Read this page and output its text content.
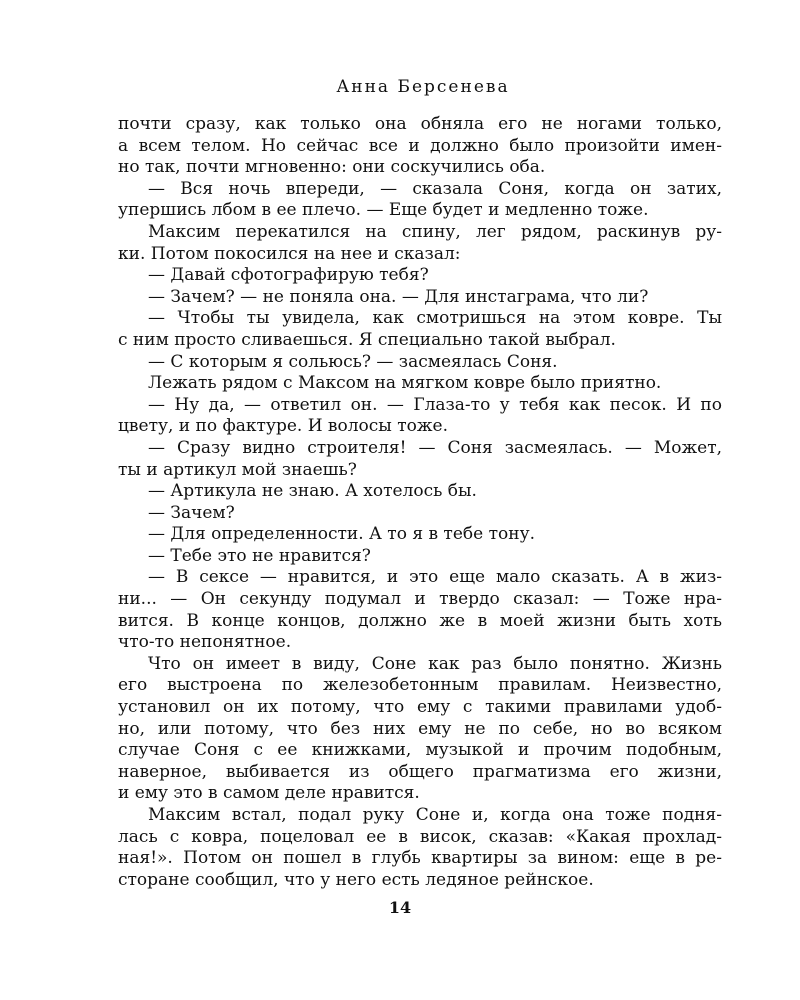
Анна Берсенева

почти сразу, как только она обняла его не ногами только,

а всем телом. Но сейчас все и должно было произойти имен-

но так, почти мгновенно: они соскучились оба.

— Вся ночь впереди, — сказала Соня, когда он затих,

упершись лбом в ее плечо. — Еще будет и медленно тоже.

Максим перекатился на спину, лег рядом, раскинув ру-

ки. Потом покосился на нее и сказал:

— Давай сфотографирую тебя?

— Зачем? — не поняла она. — Для инстаграма, что ли?

— Чтобы ты увидела, как смотришься на этом ковре. Ты

с ним просто сливаешься. Я специально такой выбрал.

— С которым я сольюсь? — засмеялась Соня.

Лежать рядом с Максом на мягком ковре было приятно.

— Ну да, — ответил он. — Глаза-то у тебя как песок. И по

цвету, и по фактуре. И волосы тоже.

— Сразу видно строителя! — Соня засмеялась. — Может,

ты и артикул мой знаешь?

— Артикула не знаю. А хотелось бы.

— Зачем?

— Для определенности. А то я в тебе тону.

— Тебе это не нравится?

— В сексе — нравится, и это еще мало сказать. А в жиз-

ни... — Он секунду подумал и твердо сказал: — Тоже нра-

вится. В конце концов, должно же в моей жизни быть хоть

что-то непонятное.

Что он имеет в виду, Соне как раз было понятно. Жизнь

его выстроена по железобетонным правилам. Неизвестно,

установил он их потому, что ему с такими правилами удоб-

но, или потому, что без них ему не по себе, но во всяком

случае Соня с ее книжками, музыкой и прочим подобным,

наверное, выбивается из общего прагматизма его жизни,

и ему это в самом деле нравится.

Максим встал, подал руку Соне и, когда она тоже подня-

лась с ковра, поцеловал ее в висок, сказав: «Какая прохлад-

ная!». Потом он пошел в глубь квартиры за вином: еще в ре-

сторане сообщил, что у него есть ледяное рейнское.

14
